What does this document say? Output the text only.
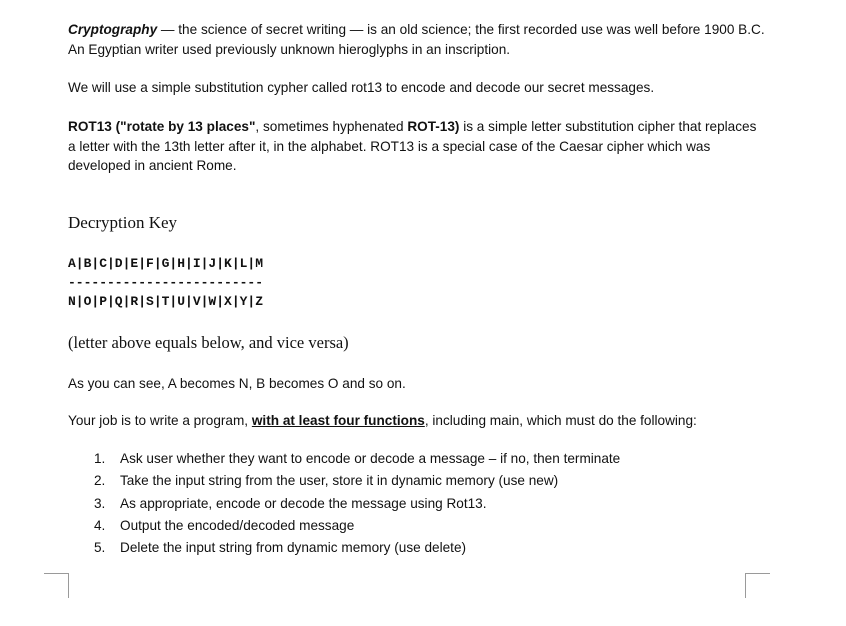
Cryptography — the science of secret writing — is an old science; the first recorded use was well before 1900 B.C. An Egyptian writer used previously unknown hieroglyphs in an inscription.

We will use a simple substitution cypher called rot13 to encode and decode our secret messages.

ROT13 ("rotate by 13 places", sometimes hyphenated ROT-13) is a simple letter substitution cipher that replaces a letter with the 13th letter after it, in the alphabet. ROT13 is a special case of the Caesar cipher which was developed in ancient Rome.

Decryption Key
A|B|C|D|E|F|G|H|I|J|K|L|M
-------------------------
N|O|P|Q|R|S|T|U|V|W|X|Y|Z
(letter above equals below, and vice versa)

As you can see, A becomes N, B becomes O and so on.

Your job is to write a program, with at least four functions, including main, which must do the following:

1. Ask user whether they want to encode or decode a message – if no, then terminate
2. Take the input string from the user, store it in dynamic memory (use new)
3. As appropriate, encode or decode the message using Rot13.
4. Output the encoded/decoded message
5. Delete the input string from dynamic memory (use delete)
